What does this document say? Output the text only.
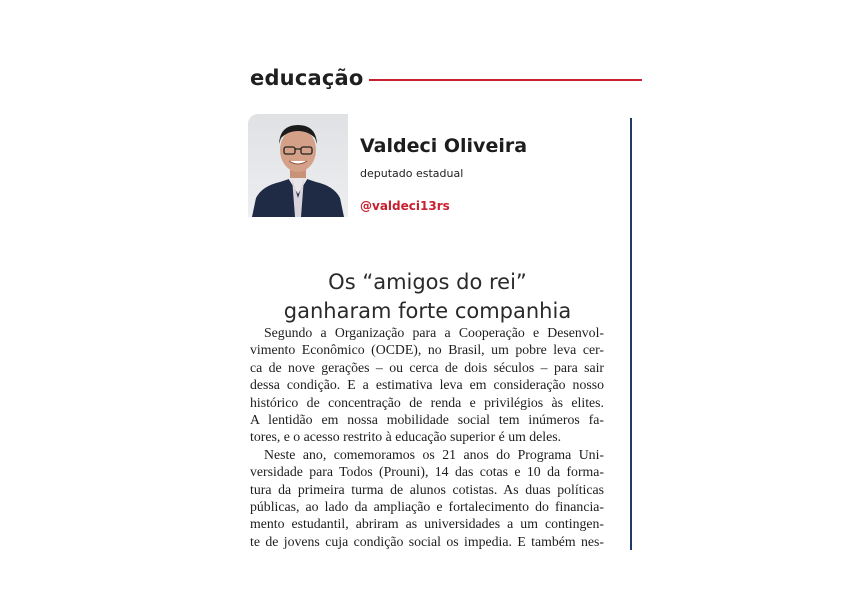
educação
Valdeci Oliveira
deputado estadual
@valdeci13rs
Os “amigos do rei”
ganharam forte companhia
Segundo a Organização para a Cooperação e Desenvol-
vimento Econômico (OCDE), no Brasil, um pobre leva cer-
ca de nove gerações – ou cerca de dois séculos – para sair
dessa condição. E a estimativa leva em consideração nosso
histórico de concentração de renda e privilégios às elites.
A lentidão em nossa mobilidade social tem inúmeros fa-
tores, e o acesso restrito à educação superior é um deles.
Neste ano, comemoramos os 21 anos do Programa Uni-
versidade para Todos (Prouni), 14 das cotas e 10 da forma-
tura da primeira turma de alunos cotistas. As duas políticas
públicas, ao lado da ampliação e fortalecimento do financia-
mento estudantil, abriram as universidades a um contingen-
te de jovens cuja condição social os impedia. E também nes-
